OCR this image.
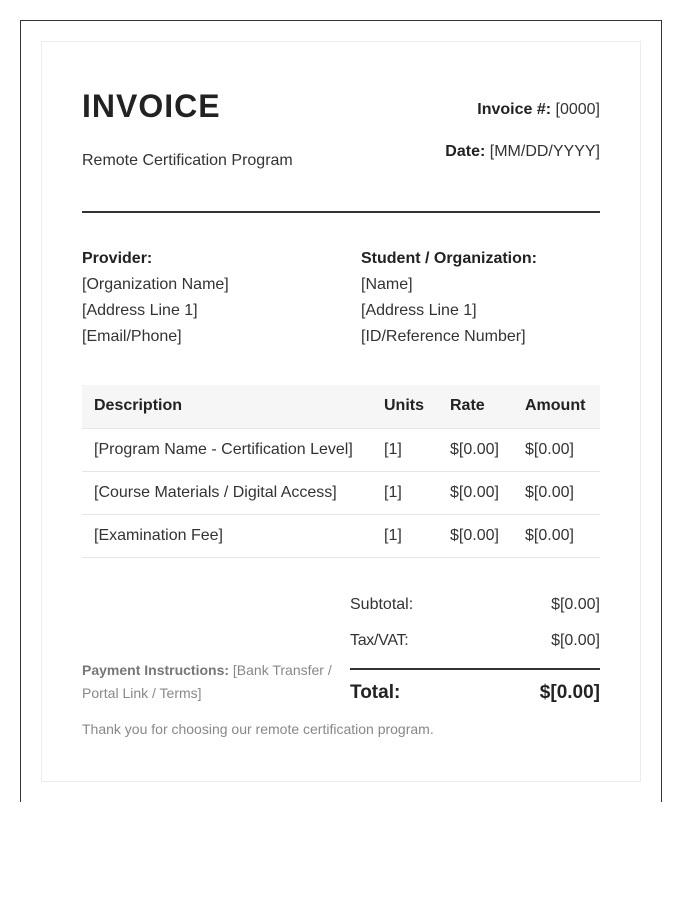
INVOICE
Remote Certification Program
Invoice #: [0000]
Date: [MM/DD/YYYY]
Provider:
[Organization Name]
[Address Line 1]
[Email/Phone]
Student / Organization:
[Name]
[Address Line 1]
[ID/Reference Number]
Description	Units	Rate	Amount
[Program Name - Certification Level]	[1]	$[0.00]	$[0.00]
[Course Materials / Digital Access]	[1]	$[0.00]	$[0.00]
[Examination Fee]	[1]	$[0.00]	$[0.00]
Subtotal:	$[0.00]
Tax/VAT:	$[0.00]
Total:	$[0.00]
Payment Instructions: [Bank Transfer / Portal Link / Terms]
Thank you for choosing our remote certification program.
